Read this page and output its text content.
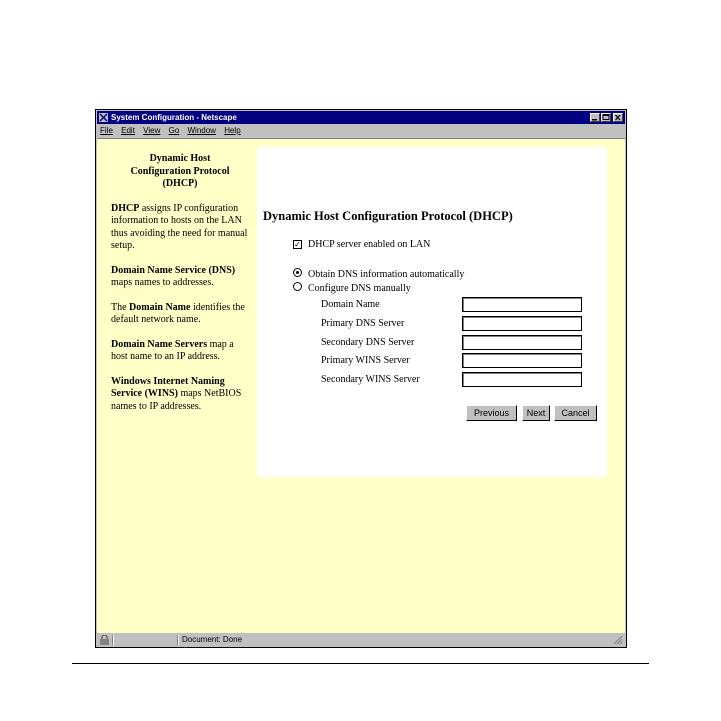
System Configuration - Netscape
File Edit View Go Window Help

Dynamic Host
Configuration Protocol
(DHCP)

DHCP assigns IP configuration information to hosts on the LAN thus avoiding the need for manual setup.

Domain Name Service (DNS) maps names to addresses.

The Domain Name identifies the default network name.

Domain Name Servers map a host name to an IP address.

Windows Internet Naming Service (WINS) maps NetBIOS names to IP addresses.

Dynamic Host Configuration Protocol (DHCP)
✓ DHCP server enabled on LAN
Obtain DNS information automatically
Configure DNS manually
Domain Name
Primary DNS Server
Secondary DNS Server
Primary WINS Server
Secondary WINS Server
Previous	Next	Cancel
Document: Done
